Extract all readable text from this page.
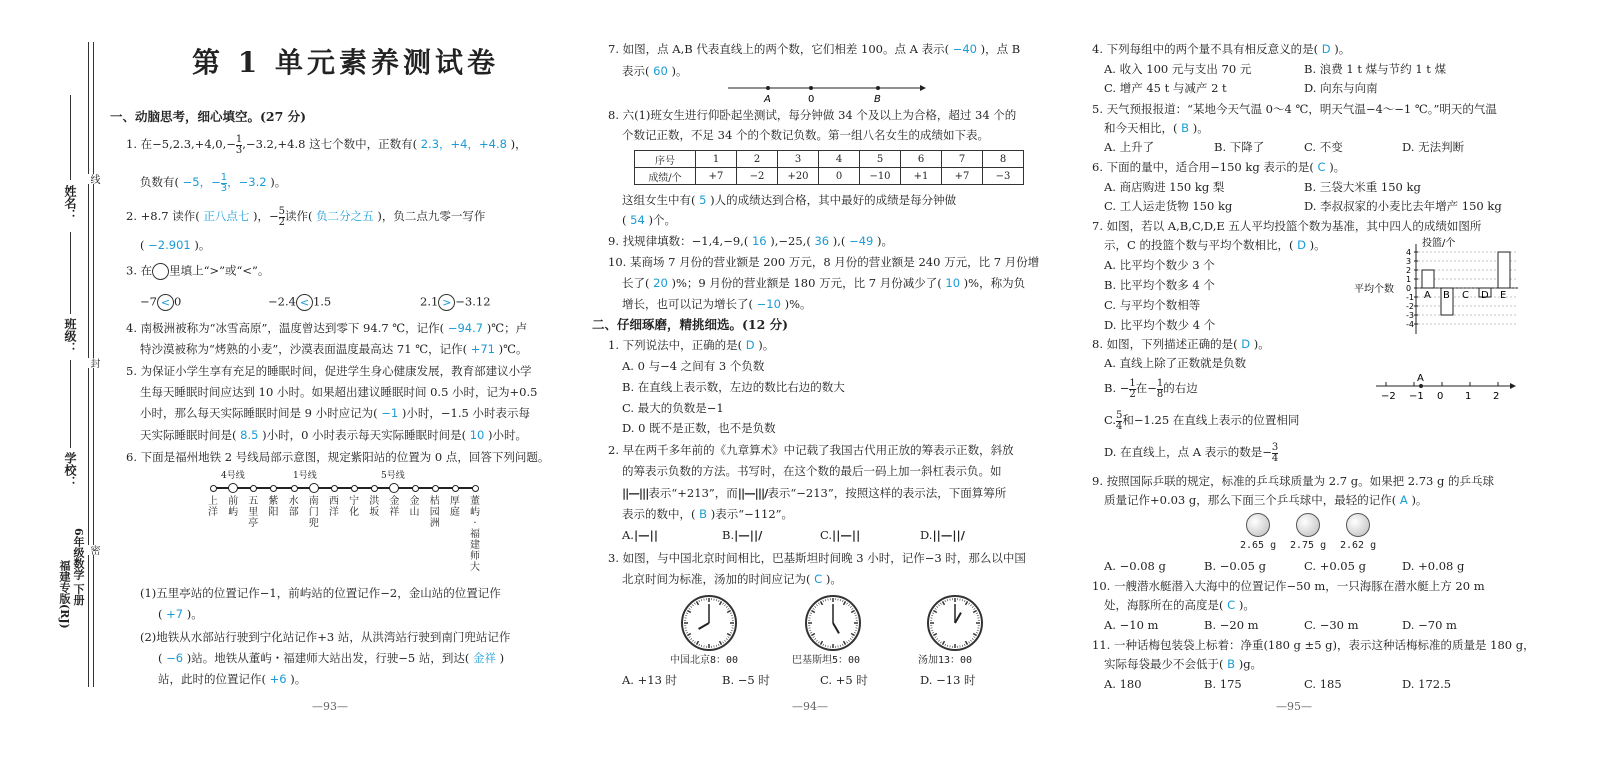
姓名：
班级：
学校：
线
封
密
6年级数学 下册
福建专版(RJ)
第 1 单元素养测试卷
一、动脑思考，细心填空。(27 分)
1. 在$-5,2.3,+4,0,- \frac{1}{3} ,-3.2,+4.8$ 这七个数中，正数有( 2.3，+4，+4.8 )，
负数有( −5，− $\frac{1}{3}$ ，−3.2 )。
2. +8.7 读作( 正八点七 )，− $\frac{5}{2}$ 读作( 负二分之五 )，负二点九零一写作
( −2.901 )。
3. 在 里填上“>”或“<”。
−7 < 0	−2.4 < 1.5	2.1 > −3.12
4. 南极洲被称为“冰雪高原”，温度曾达到零下 94.7 ℃，记作( −94.7 )℃；卢
特沙漠被称为“烤熟的小麦”，沙漠表面温度最高达 71 ℃，记作( +71 )℃。
5. 为保证小学生享有充足的睡眠时间，促进学生身心健康发展，教育部建议小学
生每天睡眠时间应达到 10 小时。如果超出建议睡眠时间 0.5 小时，记为+0.5
小时，那么每天实际睡眠时间是 9 小时应记为( −1 )小时，−1.5 小时表示每
天实际睡眠时间是( 8.5 )小时，0 小时表示每天实际睡眠时间是( 10 )小时。
6. 下面是福州地铁 2 号线局部示意图，规定紫阳站的位置为 0 点，回答下列问题。
4号线	1号线	5号线
上洋
前屿
五里亭
紫阳
水部
南门兜
西洋
宁化
洪坂
金祥
金山
桔园洲
厚庭
董屿·福建师大
(1)五里亭站的位置记作−1，前屿站的位置记作−2，金山站的位置记作
( +7 )。
(2)地铁从水部站行驶到宁化站记作+3 站，从洪湾站行驶到南门兜站记作
( −6 )站。地铁从董屿・福建师大站出发，行驶−5 站，到达( 金祥 )
站，此时的位置记作( +6 )。
—93—
7. 如图，点 A,B 代表直线上的两个数，它们相差 100。点 A 表示( −40 )，点 B
表示( 60 )。
A	0	B
8. 六(1)班女生进行仰卧起坐测试，每分钟做 34 个及以上为合格，超过 34 个的
个数记正数，不足 34 个的个数记负数。第一组八名女生的成绩如下表。
序号	1	2	3	4	5	6	7	8
成绩/个	+7	−2	+20	0	−10	+1	+7	−3
这组女生中有( 5 )人的成绩达到合格，其中最好的成绩是每分钟做
( 54 )个。
9. 找规律填数：−1,4,−9,( 16 ),−25,( 36 ),( −49 )。
10. 某商场 7 月份的营业额是 200 万元，8 月份的营业额是 240 万元，比 7 月份增
长了( 20 )%；9 月份的营业额是 180 万元，比 7 月份减少了( 10 )%，称为负
增长，也可以记为增长了( −10 )%。
二、仔细琢磨，精挑细选。(12 分)
1. 下列说法中，正确的是( D )。
A. 0 与−4 之间有 3 个负数
B. 在直线上表示数，左边的数比右边的数大
C. 最大的负数是−1
D. 0 既不是正数，也不是负数
2. 早在两千多年前的《九章算术》中记载了我国古代用正放的筹表示正数，斜放
的筹表示负数的方法。书写时，在这个数的最后一码上加一斜杠表示负。如
||—|||表示“+213”，而||—|||/表示“−213”，按照这样的表示法，下面算筹所
表示的数中，( B )表示“−112”。
A.|—||	B.|—||/	C.||—||	D.||—||/
3. 如图，与中国北京时间相比，巴基斯坦时间晚 3 小时，记作−3 时，那么以中国
北京时间为标准，汤加的时间应记为( C )。
中国北京8：00	巴基斯坦5：00	汤加13：00
A. +13 时	B. −5 时	C. +5 时	D. −13 时
—94—
4. 下列每组中的两个量不具有相反意义的是( D )。
A. 收入 100 元与支出 70 元	B. 浪费 1 t 煤与节约 1 t 煤
C. 增产 45 t 与减产 2 t	D. 向东与向南
5. 天气预报报道：“某地今天气温 0～4 ℃，明天气温−4～−1 ℃。”明天的气温
和今天相比，( B )。
A. 上升了	B. 下降了	C. 不变	D. 无法判断
6. 下面的量中，适合用−150 kg 表示的是( C )。
A. 商店购进 150 kg 梨	B. 三袋大米重 150 kg
C. 工人运走货物 150 kg	D. 李叔叔家的小麦比去年增产 150 kg
7. 如图，若以 A,B,C,D,E 五人平均投篮个数为基准，其中四人的成绩如图所
示，C 的投篮个数与平均个数相比，( D )。
A. 比平均个数少 3 个
B. 比平均个数多 4 个
C. 与平均个数相等
D. 比平均个数少 4 个
投篮/个
平均个数
4
3
2
1
0
-1
-2
-3
-4
A B C D E
8. 如图，下列描述正确的是( D )。
A. 直线上除了正数就是负数
B. − $\frac{1}{2}$ 在− $\frac{1}{8}$ 的右边
C. $\frac{5}{4}$ 和−1.25 在直线上表示的位置相同
D. 在直线上，点 A 表示的数是− $\frac{3}{4}$
−2 −1 0 1 2
A
9. 按照国际乒联的规定，标准的乒乓球质量为 2.7 g。如果把 2.73 g 的乒乓球
质量记作+0.03 g，那么下面三个乒乓球中，最轻的记作( A )。
2.65 g 2.75 g 2.62 g
A. −0.08 g	B. −0.05 g	C. +0.05 g	D. +0.08 g
10. 一艘潜水艇潜入大海中的位置记作−50 m，一只海豚在潜水艇上方 20 m
处，海豚所在的高度是( C )。
A. −10 m	B. −20 m	C. −30 m	D. −70 m
11. 一种话梅包装袋上标着：净重(180 g ±5 g)，表示这种话梅标准的质量是 180 g，
实际每袋最少不会低于( B )g。
A. 180	B. 175	C. 185	D. 172.5
—95—
